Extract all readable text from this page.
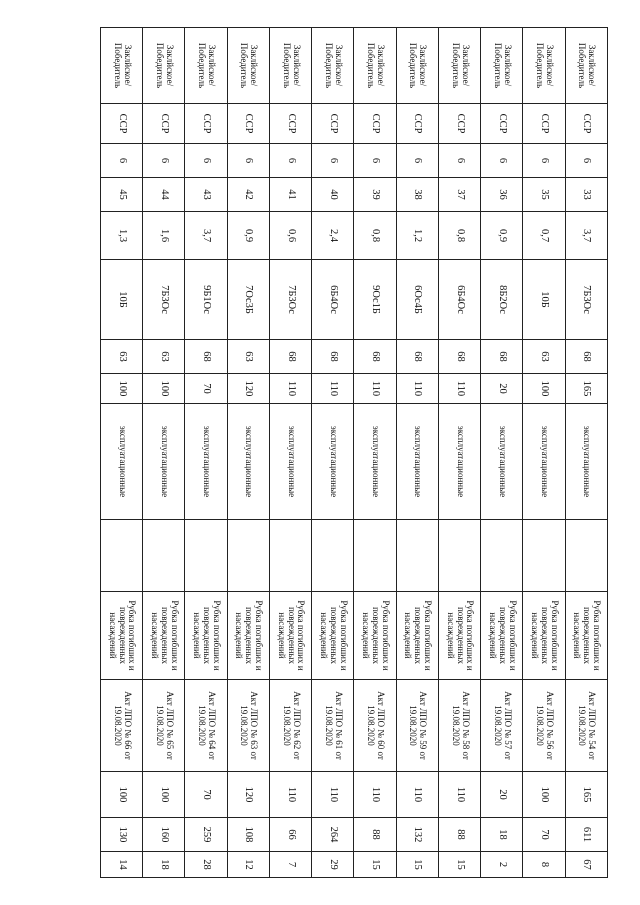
Заклйское/ Победитель	ССР	6	33	3,7	7Б3Ос	68	165	эксплуатационные		Рубка погибших и поврежденных насаждений	Акт ЛПО № 54 от 19.08.2020	165	611	67
Заклйское/ Победитель	ССР	6	35	0,7	10Б	63	100	эксплуатационные		Рубка погибших и поврежденных насаждений	Акт ЛПО № 56 от 19.08.2020	100	70	8
Заклйское/ Победитель	ССР	6	36	0,9	8Б2Ос	68	20	эксплуатационные		Рубка погибших и поврежденных насаждений	Акт ЛПО № 57 от 19.08.2020	20	18	2
Заклйское/ Победитель	ССР	6	37	0,8	6Б4Ос	68	110	эксплуатационные		Рубка погибших и поврежденных насаждений	Акт ЛПО № 58 от 19.08.2020	110	88	15
Заклйское/ Победитель	ССР	6	38	1,2	6Ос4Б	68	110	эксплуатационные		Рубка погибших и поврежденных насаждений	Акт ЛПО № 59 от 19.08.2020	110	132	15
Заклйское/ Победитель	ССР	6	39	0,8	9Ос1Б	68	110	эксплуатационные		Рубка погибших и поврежденных насаждений	Акт ЛПО № 60 от 19.08.2020	110	88	15
Заклйское/ Победитель	ССР	6	40	2,4	6Б4Ос	68	110	эксплуатационные		Рубка погибших и поврежденных насаждений	Акт ЛПО № 61 от 19.08.2020	110	264	29
Заклйское/ Победитель	ССР	6	41	0,6	7Б3Ос	68	110	эксплуатационные		Рубка погибших и поврежденных насаждений	Акт ЛПО № 62 от 19.08.2020	110	66	7
Заклйское/ Победитель	ССР	6	42	0,9	7Ос3Б	63	120	эксплуатационные		Рубка погибших и поврежденных насаждений	Акт ЛПО № 63 от 19.08.2020	120	108	12
Заклйское/ Победитель	ССР	6	43	3,7	9Б1Ос	68	70	эксплуатационные		Рубка погибших и поврежденных насаждений	Акт ЛПО № 64 от 19.08.2020	70	259	28
Заклйское/ Победитель	ССР	6	44	1,6	7Б3Ос	63	100	эксплуатационные		Рубка погибших и поврежденных насаждений	Акт ЛПО № 65 от 19.08.2020	100	160	18
Заклйское/ Победитель	ССР	6	45	1,3	10Б	63	100	эксплуатационные		Рубка погибших и поврежденных насаждений	Акт ЛПО № 66 от 19.08.2020	100	130	14
